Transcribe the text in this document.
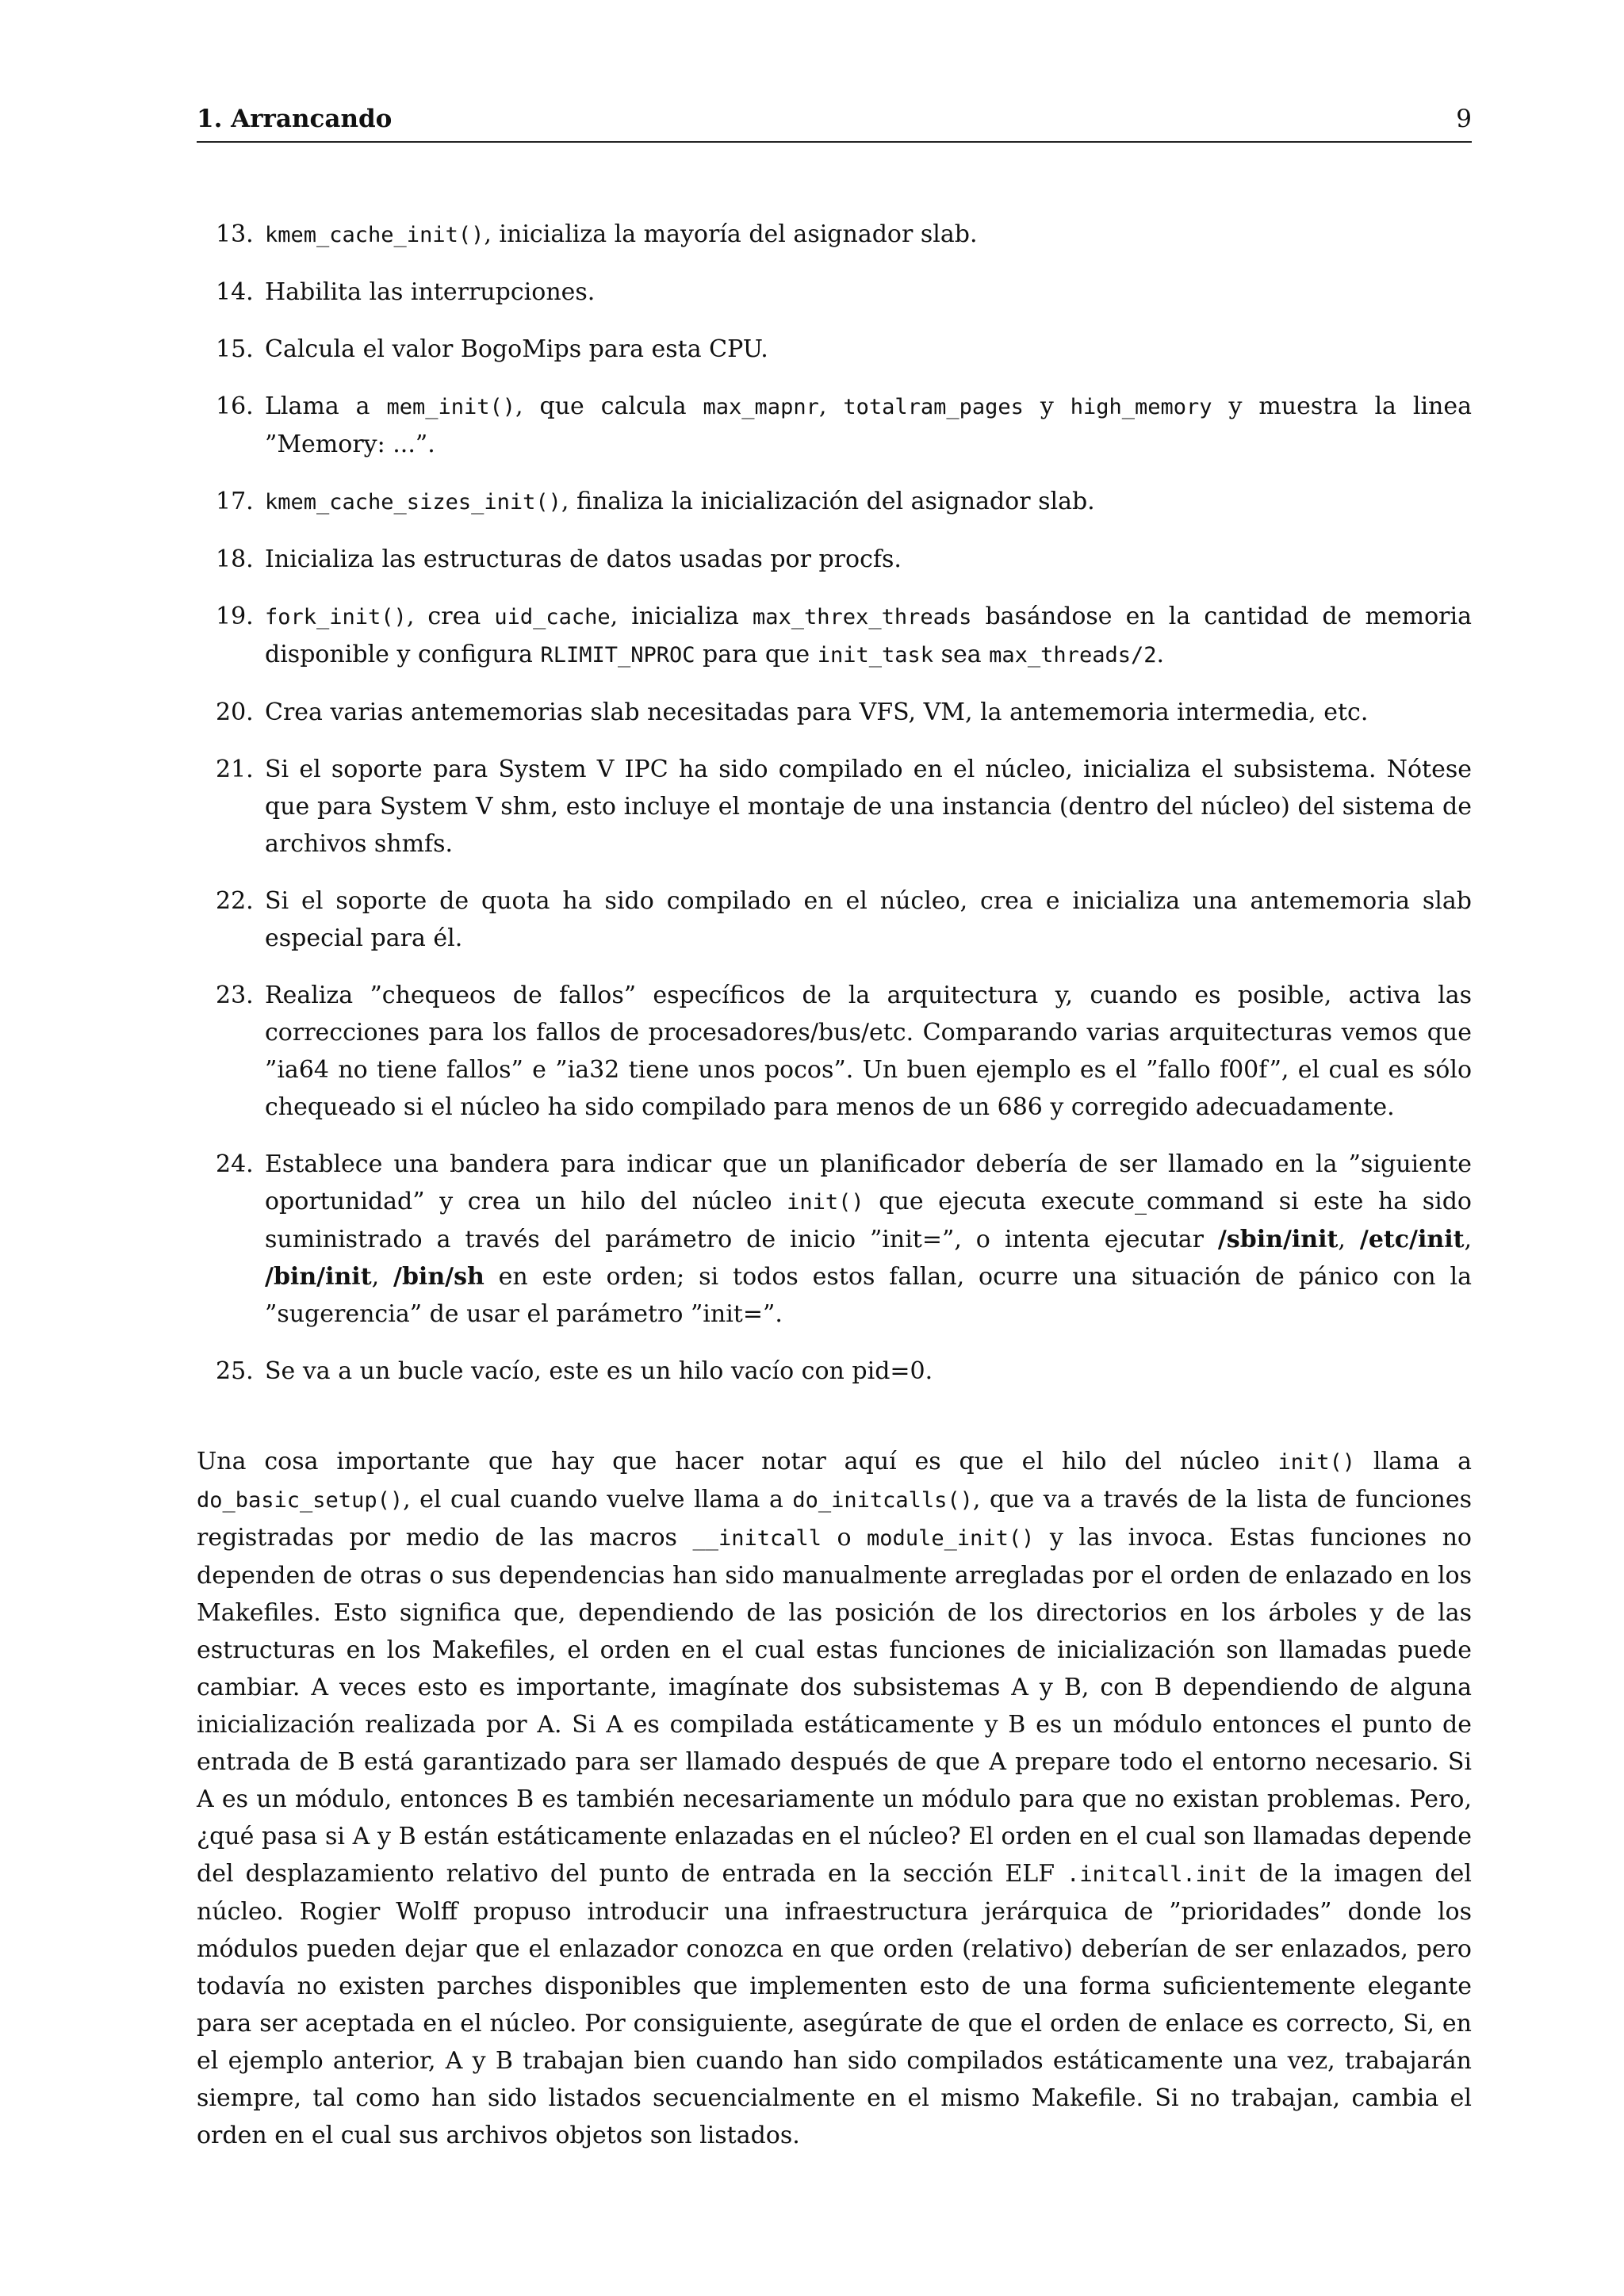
1. Arrancando	9
13. kmem_cache_init(), inicializa la mayoría del asignador slab.
14. Habilita las interrupciones.
15. Calcula el valor BogoMips para esta CPU.
16. Llama a mem_init(), que calcula max_mapnr, totalram_pages y high_memory y muestra la linea ”Memory: ...”.
17. kmem_cache_sizes_init(), finaliza la inicialización del asignador slab.
18. Inicializa las estructuras de datos usadas por procfs.
19. fork_init(), crea uid_cache, inicializa max_threx_threads basándose en la cantidad de memoria disponible y configura RLIMIT_NPROC para que init_task sea max_threads/2.
20. Crea varias antememorias slab necesitadas para VFS, VM, la antememoria intermedia, etc.
21. Si el soporte para System V IPC ha sido compilado en el núcleo, inicializa el subsistema. Nótese que para System V shm, esto incluye el montaje de una instancia (dentro del núcleo) del sistema de archivos shmfs.
22. Si el soporte de quota ha sido compilado en el núcleo, crea e inicializa una antememoria slab especial para él.
23. Realiza ”chequeos de fallos” específicos de la arquitectura y, cuando es posible, activa las correcciones para los fallos de procesadores/bus/etc. Comparando varias arquitecturas vemos que ”ia64 no tiene fallos” e ”ia32 tiene unos pocos”. Un buen ejemplo es el ”fallo f00f”, el cual es sólo chequeado si el núcleo ha sido compilado para menos de un 686 y corregido adecuadamente.
24. Establece una bandera para indicar que un planificador debería de ser llamado en la ”siguiente oportunidad” y crea un hilo del núcleo init() que ejecuta execute_command si este ha sido suministrado a través del parámetro de inicio ”init=”, o intenta ejecutar /sbin/init, /etc/init, /bin/init, /bin/sh en este orden; si todos estos fallan, ocurre una situación de pánico con la ”sugerencia” de usar el parámetro ”init=”.
25. Se va a un bucle vacío, este es un hilo vacío con pid=0.
Una cosa importante que hay que hacer notar aquí es que el hilo del núcleo init() llama a do_basic_setup(), el cual cuando vuelve llama a do_initcalls(), que va a través de la lista de funciones registradas por medio de las macros __initcall o module_init() y las invoca. Estas funciones no dependen de otras o sus dependencias han sido manualmente arregladas por el orden de enlazado en los Makefiles. Esto significa que, dependiendo de las posición de los directorios en los árboles y de las estructuras en los Makefiles, el orden en el cual estas funciones de inicialización son llamadas puede cambiar. A veces esto es importante, imagínate dos subsistemas A y B, con B dependiendo de alguna inicialización realizada por A. Si A es compilada estáticamente y B es un módulo entonces el punto de entrada de B está garantizado para ser llamado después de que A prepare todo el entorno necesario. Si A es un módulo, entonces B es también necesariamente un módulo para que no existan problemas. Pero, ¿qué pasa si A y B están estáticamente enlazadas en el núcleo? El orden en el cual son llamadas depende del desplazamiento relativo del punto de entrada en la sección ELF .initcall.init de la imagen del núcleo. Rogier Wolff propuso introducir una infraestructura jerárquica de ”prioridades” donde los módulos pueden dejar que el enlazador conozca en que orden (relativo) deberían de ser enlazados, pero todavía no existen parches disponibles que implementen esto de una forma suficientemente elegante para ser aceptada en el núcleo. Por consiguiente, asegúrate de que el orden de enlace es correcto, Si, en el ejemplo anterior, A y B trabajan bien cuando han sido compilados estáticamente una vez, trabajarán siempre, tal como han sido listados secuencialmente en el mismo Makefile. Si no trabajan, cambia el orden en el cual sus archivos objetos son listados.
